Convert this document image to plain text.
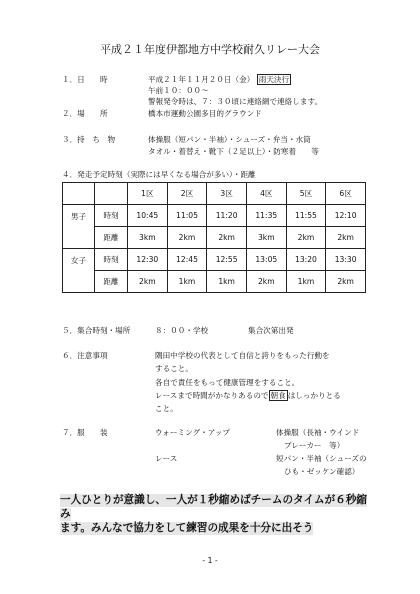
平成２１年度伊都地方中学校耐久リレー大会
１．日　　時	平成２１年１１月２０日（金） 雨天決行
午前１０：００～
警報発令時は、７：３０頃に連絡網で連絡します。
２．場　　所	橋本市運動公園多目的グラウンド
３．持　ち　物	体操服（短パン・半袖）・シューズ・弁当・水筒
タオル・着替え・靴下（２足以上）・防寒着　　等
４．発走予定時刻（実際には早くなる場合が多い）・距離
		1区	2区	3区	4区	5区	6区
男子	時刻	10:45	11:05	11:20	11:35	11:55	12:10
	距離	3km	2km	2km	3km	2km	2km
女子	時刻	12:30	12:45	12:55	13:05	13:20	13:30
	距離	2km	1km	1km	2km	1km	2km
５．集合時刻・場所	８：００・学校	集合次第出発
６．注意事項	隅田中学校の代表として自信と誇りをもった行動を
すること。
各自で責任をもって健康管理をすること。
レースまで時間がかなりあるので 朝食 はしっかりとる
こと。
７．服　　装	ウォーミング・アップ	体操服（長袖・ウインド
ブレーカー　等）
レース	短パン・半袖（シューズの
ひも・ゼッケン確認）
一人ひとりが意識し、一人が１秒縮めばチームのタイムが６秒縮
み
ます。みんなで協力をして練習の成果を十分に出そう
- 1 -
